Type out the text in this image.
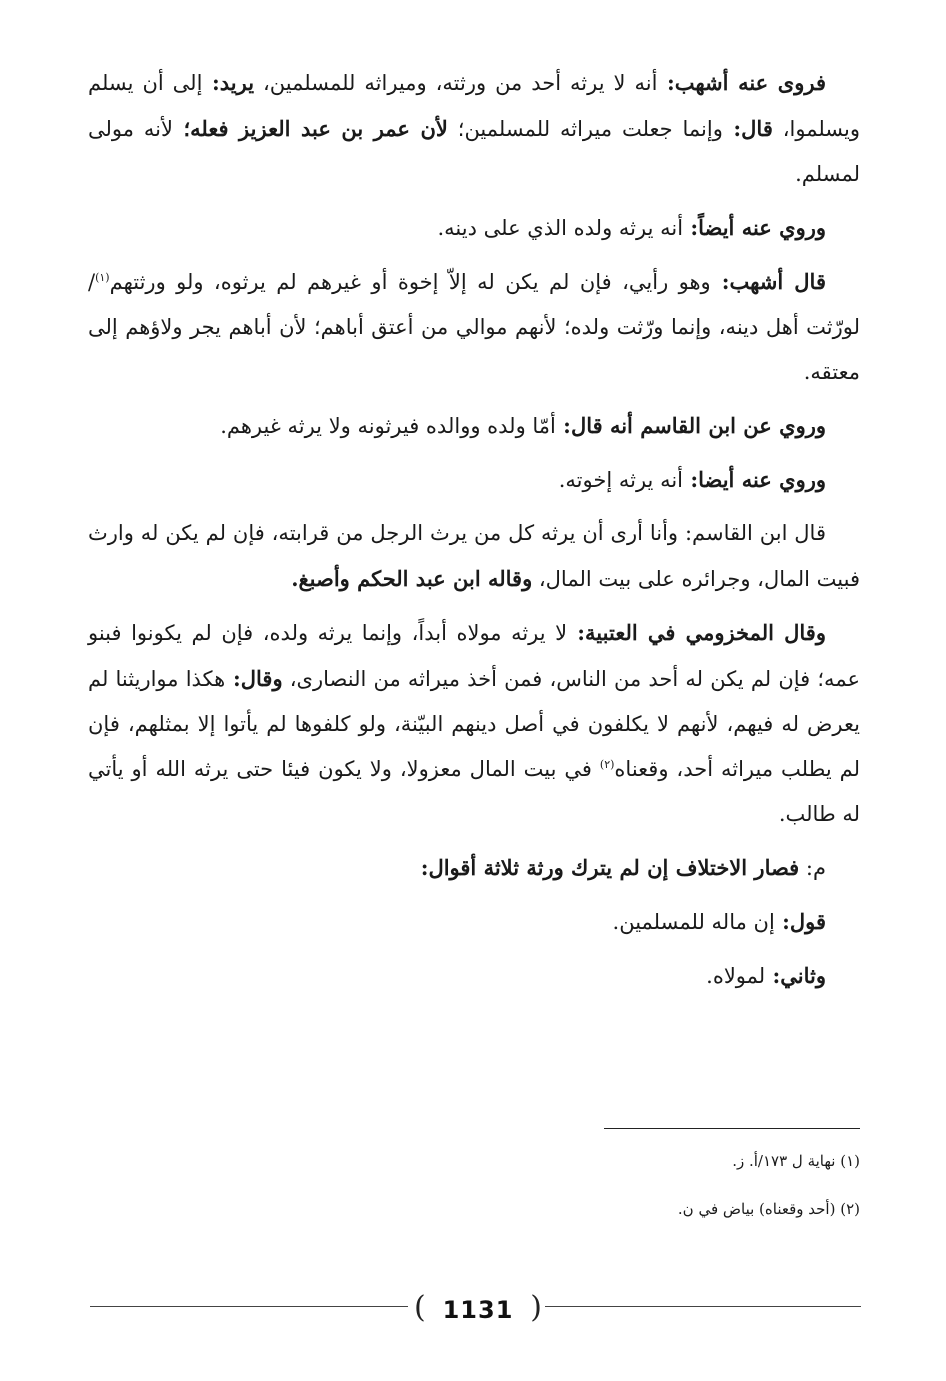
فروى عنه أشهب: أنه لا يرثه أحد من ورثته، وميراثه للمسلمين، يريد: إلى أن يسلم ويسلموا، قال: وإنما جعلت ميراثه للمسلمين؛ لأن عمر بن عبد العزيز فعله؛ لأنه مولى لمسلم.

وروي عنه أيضاً: أنه يرثه ولده الذي على دينه.

قال أشهب: وهو رأيي، فإن لم يكن له إلاّ إخوة أو غيرهم لم يرثوه، ولو ورثتهم$^{(١)}$/ لورّثت أهل دينه، وإنما ورّثت ولده؛ لأنهم موالي من أعتق أباهم؛ لأن أباهم يجر ولاؤهم إلى معتقه.

وروي عن ابن القاسم أنه قال: أمّا ولده ووالده فيرثونه ولا يرثه غيرهم.

وروي عنه أيضا: أنه يرثه إخوته.

قال ابن القاسم: وأنا أرى أن يرثه كل من يرث الرجل من قرابته، فإن لم يكن له وارث فبيت المال، وجرائره على بيت المال، وقاله ابن عبد الحكم وأصبغ.

وقال المخزومي في العتبية: لا يرثه مولاه أبداً، وإنما يرثه ولده، فإن لم يكونوا فبنو عمه؛ فإن لم يكن له أحد من الناس، فمن أخذ ميراثه من النصارى، وقال: هكذا مواريثنا لم يعرض له فيهم، لأنهم لا يكلفون في أصل دينهم البيّنة، ولو كلفوها لم يأتوا إلا بمثلهم، فإن لم يطلب ميراثه أحد، وقعناه$^{(٢)}$ في بيت المال معزولا، ولا يكون فيئا حتى يرثه الله أو يأتي له طالب.

م: فصار الاختلاف إن لم يترك ورثة ثلاثة أقوال:

قول: إن ماله للمسلمين.

وثاني: لمولاه.

(١) نهاية ل ١٧٣/أ. ز.
(٢) (أحد وقعناه) بياض في ن.
( 1131 )
